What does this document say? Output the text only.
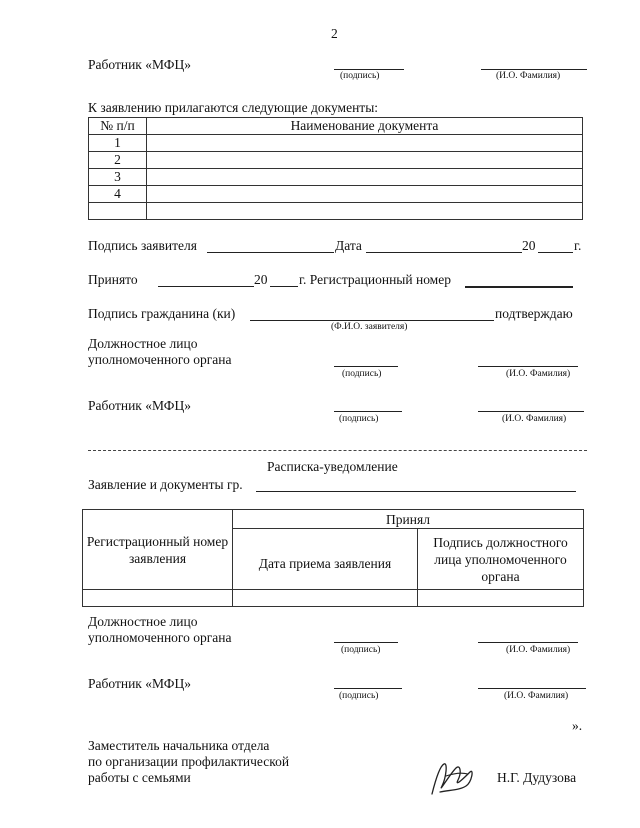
2
Работник «МФЦ»
(подпись)	(И.О. Фамилия)
К заявлению прилагаются следующие документы:
№ п/п	Наименование документа
1	
2	
3	
4	

Подпись заявителя	Дата	20	г.
Принято	20 г. Регистрационный номер
Подпись гражданина (ки)	подтверждаю
(Ф.И.О. заявителя)
Должностное лицо
уполномоченного органа
(подпись)	(И.О. Фамилия)
Работник «МФЦ»
(подпись)	(И.О. Фамилия)
Расписка-уведомление
Заявление и документы гр.
Регистрационный номер заявления	Принял	
	Дата приема заявления	Подпись должностного лица уполномоченного органа

Должностное лицо
уполномоченного органа
(подпись)	(И.О. Фамилия)
Работник «МФЦ»
(подпись)	(И.О. Фамилия)
».
Заместитель начальника отдела
по организации профилактической
работы с семьями	Н.Г. Дудузова
